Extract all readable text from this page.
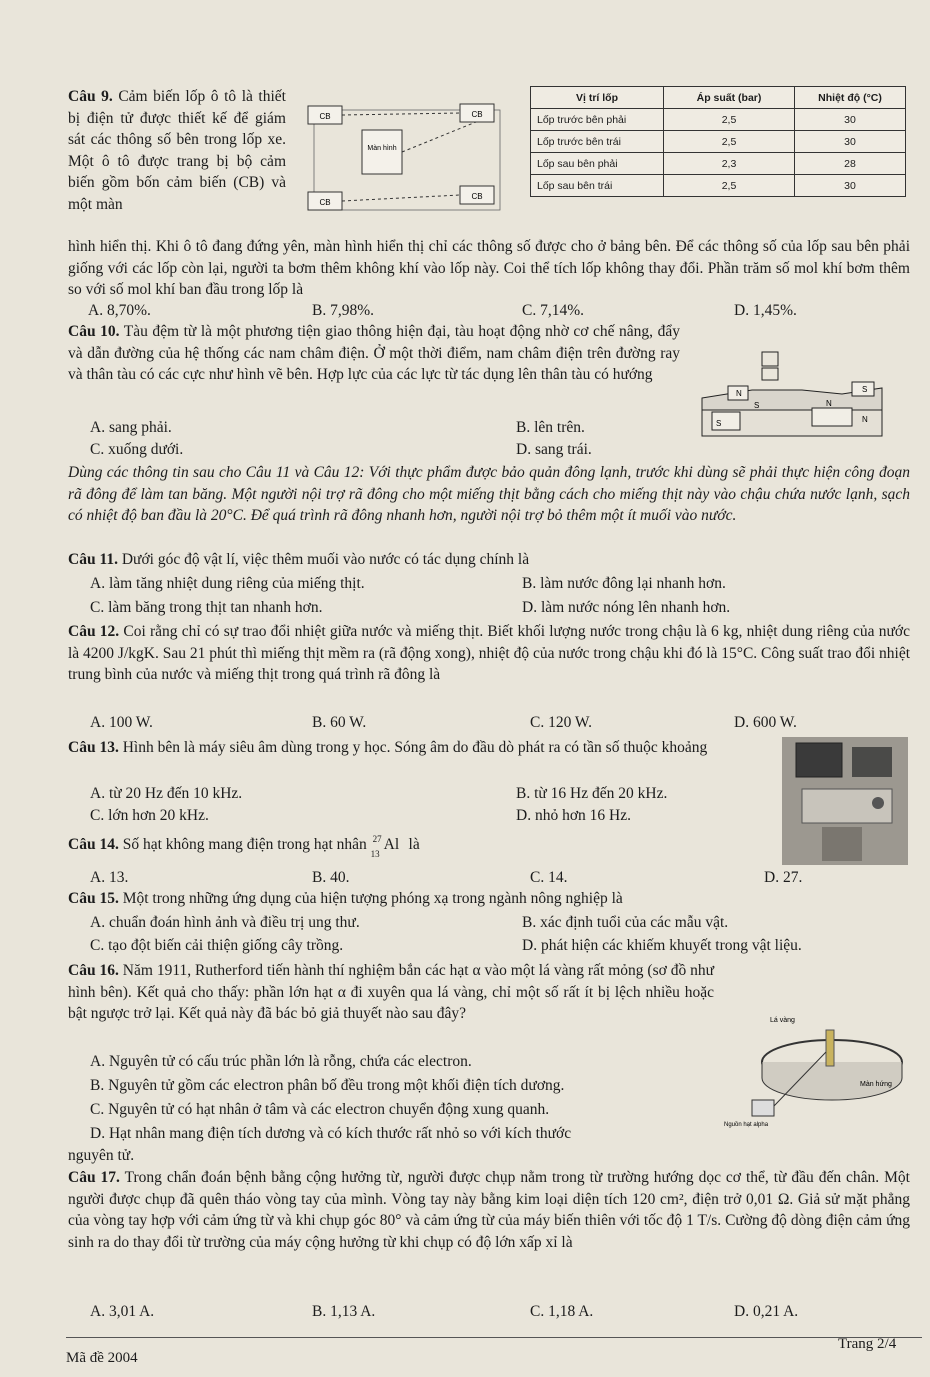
Câu 9. Cảm biến lốp ô tô là thiết bị điện tử được thiết kế để giám sát các thông số bên trong lốp xe. Một ô tô được trang bị bộ cảm biến gồm bốn cảm biến (CB) và một màn
CB	CB
CB
CB
Màn hình
Vị trí lốp	Áp suất (bar)	Nhiệt độ (°C)
Lốp trước bên phải	2,5	30
Lốp trước bên trái	2,5	30
Lốp sau bên phải	2,3	28
Lốp sau bên trái	2,5	30
hình hiển thị. Khi ô tô đang đứng yên, màn hình hiển thị chỉ các thông số được cho ở bảng bên. Để các thông số của lốp sau bên phải giống với các lốp còn lại, người ta bơm thêm không khí vào lốp này. Coi thể tích lốp không thay đổi. Phần trăm số mol khí bơm thêm so với số mol khí ban đầu trong lốp là
A. 8,70%.	B. 7,98%.	C. 7,14%.	D. 1,45%.
Câu 10. Tàu đệm từ là một phương tiện giao thông hiện đại, tàu hoạt động nhờ cơ chế nâng, đẩy và dẫn đường của hệ thống các nam châm điện. Ở một thời điểm, nam châm điện trên đường ray và thân tàu có các cực như hình vẽ bên. Hợp lực của các lực từ tác dụng lên thân tàu có hướng
N	S
S	N
S	N
A. sang phải.	B. lên trên.
C. xuống dưới.	D. sang trái.
Dùng các thông tin sau cho Câu 11 và Câu 12: Với thực phẩm được bảo quản đông lạnh, trước khi dùng sẽ phải thực hiện công đoạn rã đông để làm tan băng. Một người nội trợ rã đông cho một miếng thịt bằng cách cho miếng thịt này vào chậu chứa nước lạnh, sạch có nhiệt độ ban đầu là 20°C. Để quá trình rã đông nhanh hơn, người nội trợ bỏ thêm một ít muối vào nước.
Câu 11. Dưới góc độ vật lí, việc thêm muối vào nước có tác dụng chính là
A. làm tăng nhiệt dung riêng của miếng thịt.	B. làm nước đông lại nhanh hơn.
C. làm băng trong thịt tan nhanh hơn.	D. làm nước nóng lên nhanh hơn.
Câu 12. Coi rằng chỉ có sự trao đổi nhiệt giữa nước và miếng thịt. Biết khối lượng nước trong chậu là 6 kg, nhiệt dung riêng của nước là 4200 J/kgK. Sau 21 phút thì miếng thịt mềm ra (rã động xong), nhiệt độ của nước trong chậu khi đó là 15°C. Công suất trao đổi nhiệt trung bình của nước và miếng thịt trong quá trình rã đông là
A. 100 W.	B. 60 W.	C. 120 W.	D. 600 W.
Câu 13. Hình bên là máy siêu âm dùng trong y học. Sóng âm do đầu dò phát ra có tần số thuộc khoảng
A. từ 20 Hz đến 10 kHz.	B. từ 16 Hz đến 20 kHz.
C. lớn hơn 20 kHz.	D. nhỏ hơn 16 Hz.
Câu 14. Số hạt không mang điện trong hạt nhân 27
13
Al là
A. 13.	B. 40.	C. 14.	D. 27.
Câu 15. Một trong những ứng dụng của hiện tượng phóng xạ trong ngành nông nghiệp là
A. chuẩn đoán hình ảnh và điều trị ung thư.	B. xác định tuổi của các mẫu vật.
C. tạo đột biến cải thiện giống cây trồng.	D. phát hiện các khiếm khuyết trong vật liệu.
Câu 16. Năm 1911, Rutherford tiến hành thí nghiệm bắn các hạt α vào một lá vàng rất mỏng (sơ đồ như hình bên). Kết quả cho thấy: phần lớn hạt α đi xuyên qua lá vàng, chỉ một số rất ít bị lệch nhiều hoặc bật ngược trở lại. Kết quả này đã bác bỏ giả thuyết nào sau đây?	Lá vàng
Màn hứng
Nguồn hạt alpha
A. Nguyên tử có cấu trúc phần lớn là rỗng, chứa các electron.
B. Nguyên tử gồm các electron phân bố đều trong một khối điện tích dương.
C. Nguyên tử có hạt nhân ở tâm và các electron chuyển động xung quanh.
D. Hạt nhân mang điện tích dương và có kích thước rất nhỏ so với kích thước
nguyên tử.
Câu 17. Trong chẩn đoán bệnh bằng cộng hưởng từ, người được chụp nằm trong từ trường hướng dọc cơ thể, từ đầu đến chân. Một người được chụp đã quên tháo vòng tay của mình. Vòng tay này bằng kim loại diện tích 120 cm², điện trở 0,01 Ω. Giả sử mặt phẳng của vòng tay hợp với cảm ứng từ và khi chụp góc 80° và cảm ứng từ của máy biến thiên với tốc độ 1 T/s. Cường độ dòng điện cảm ứng sinh ra do thay đổi từ trường của máy cộng hưởng từ khi chụp có độ lớn xấp xỉ là
A. 3,01 A.	B. 1,13 A.	C. 1,18 A.	D. 0,21 A.
Mã đề 2004
Trang 2/4
